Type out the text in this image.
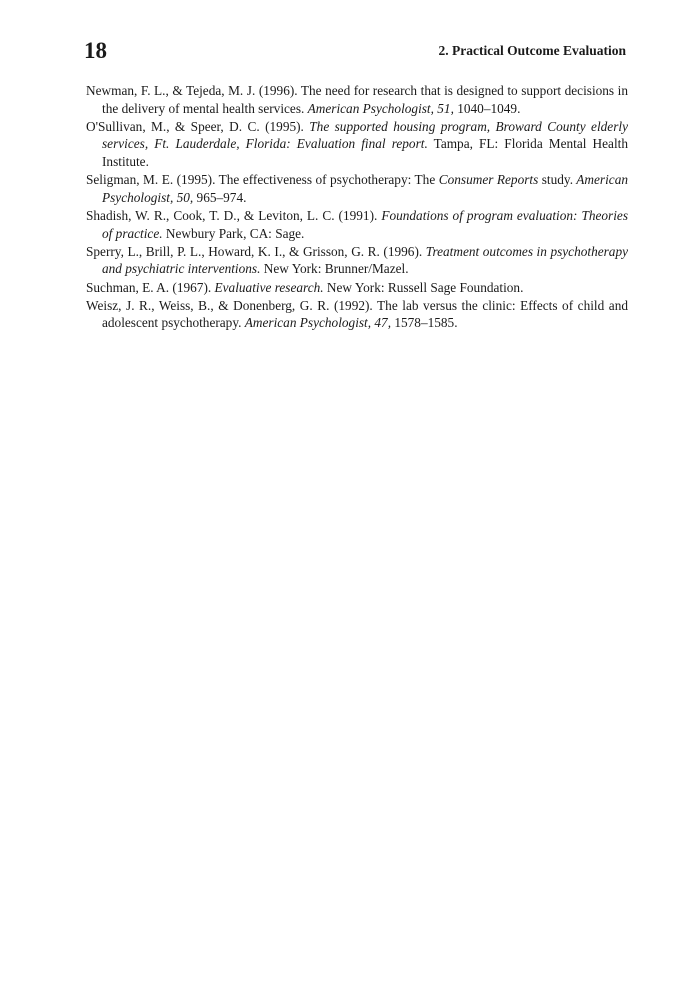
18	2. Practical Outcome Evaluation
Newman, F. L., & Tejeda, M. J. (1996). The need for research that is designed to support decisions in the delivery of mental health services. American Psychologist, 51, 1040–1049.
O'Sullivan, M., & Speer, D. C. (1995). The supported housing program, Broward County elderly services, Ft. Lauderdale, Florida: Evaluation final report. Tampa, FL: Florida Mental Health Institute.
Seligman, M. E. (1995). The effectiveness of psychotherapy: The Consumer Reports study. American Psychologist, 50, 965–974.
Shadish, W. R., Cook, T. D., & Leviton, L. C. (1991). Foundations of program evaluation: Theories of practice. Newbury Park, CA: Sage.
Sperry, L., Brill, P. L., Howard, K. I., & Grisson, G. R. (1996). Treatment outcomes in psychotherapy and psychiatric interventions. New York: Brunner/Mazel.
Suchman, E. A. (1967). Evaluative research. New York: Russell Sage Foundation.
Weisz, J. R., Weiss, B., & Donenberg, G. R. (1992). The lab versus the clinic: Effects of child and adolescent psychotherapy. American Psychologist, 47, 1578–1585.
